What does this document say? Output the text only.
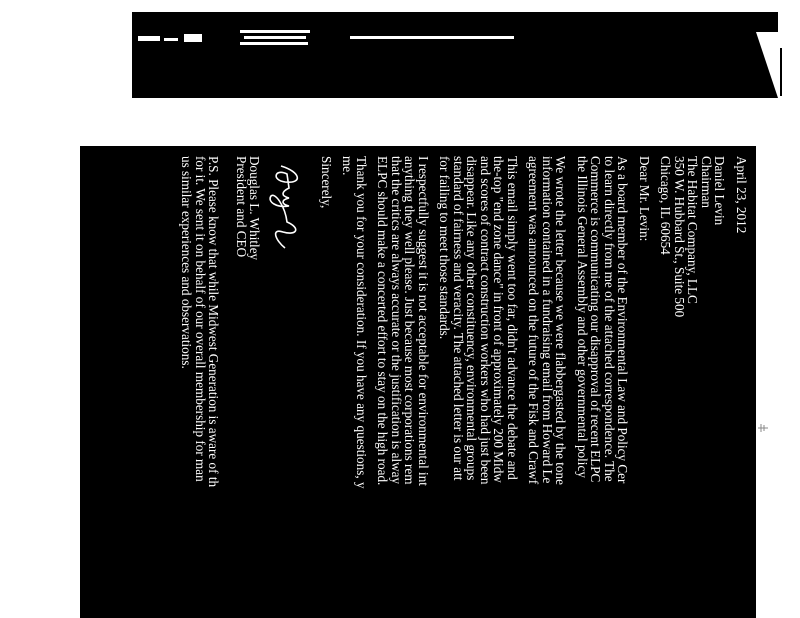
April 23, 2012

Daniel Levin
Chairman
The Habitat Company, LLC
350 W. Hubbard St., Suite 500
Chicago, IL 60654

Dear Mr. Levin:

As a board member of the Environmental Law and Policy Cer
to learn directly from me of the attached correspondence. The
Commerce is communicating our disapproval of recent ELPC
the Illinois General Assembly and other governmental policy

We wrote the letter because we were flabbergasted by the tone
information contained in a fundraising email from Howard Le
agreement was announced on the future of the Fisk and Crawf

This email simply went too far, didn't advance the debate and
the-top "end zone dance" in front of approximately 200 Midw
and scores of contract construction workers who had just been
disappear. Like any other constituency, environmental groups
standard of fairness and veracity. The attached letter is our att
for failing to meet those standards.

I respectfully suggest it is not acceptable for environmental int
anything they well please. Just because most corporations rem
that the critics are always accurate or the justification is alway
ELPC should make a concerted effort to stay on the high road.

Thank you for your consideration. If you have any questions, y
me.

Sincerely,

Douglas L. Whitley
President and CEO

P.S. Please know that while Midwest Generation is aware of th
for it. We sent it on behalf of our overall membership for man
us similar experiences and observations.
